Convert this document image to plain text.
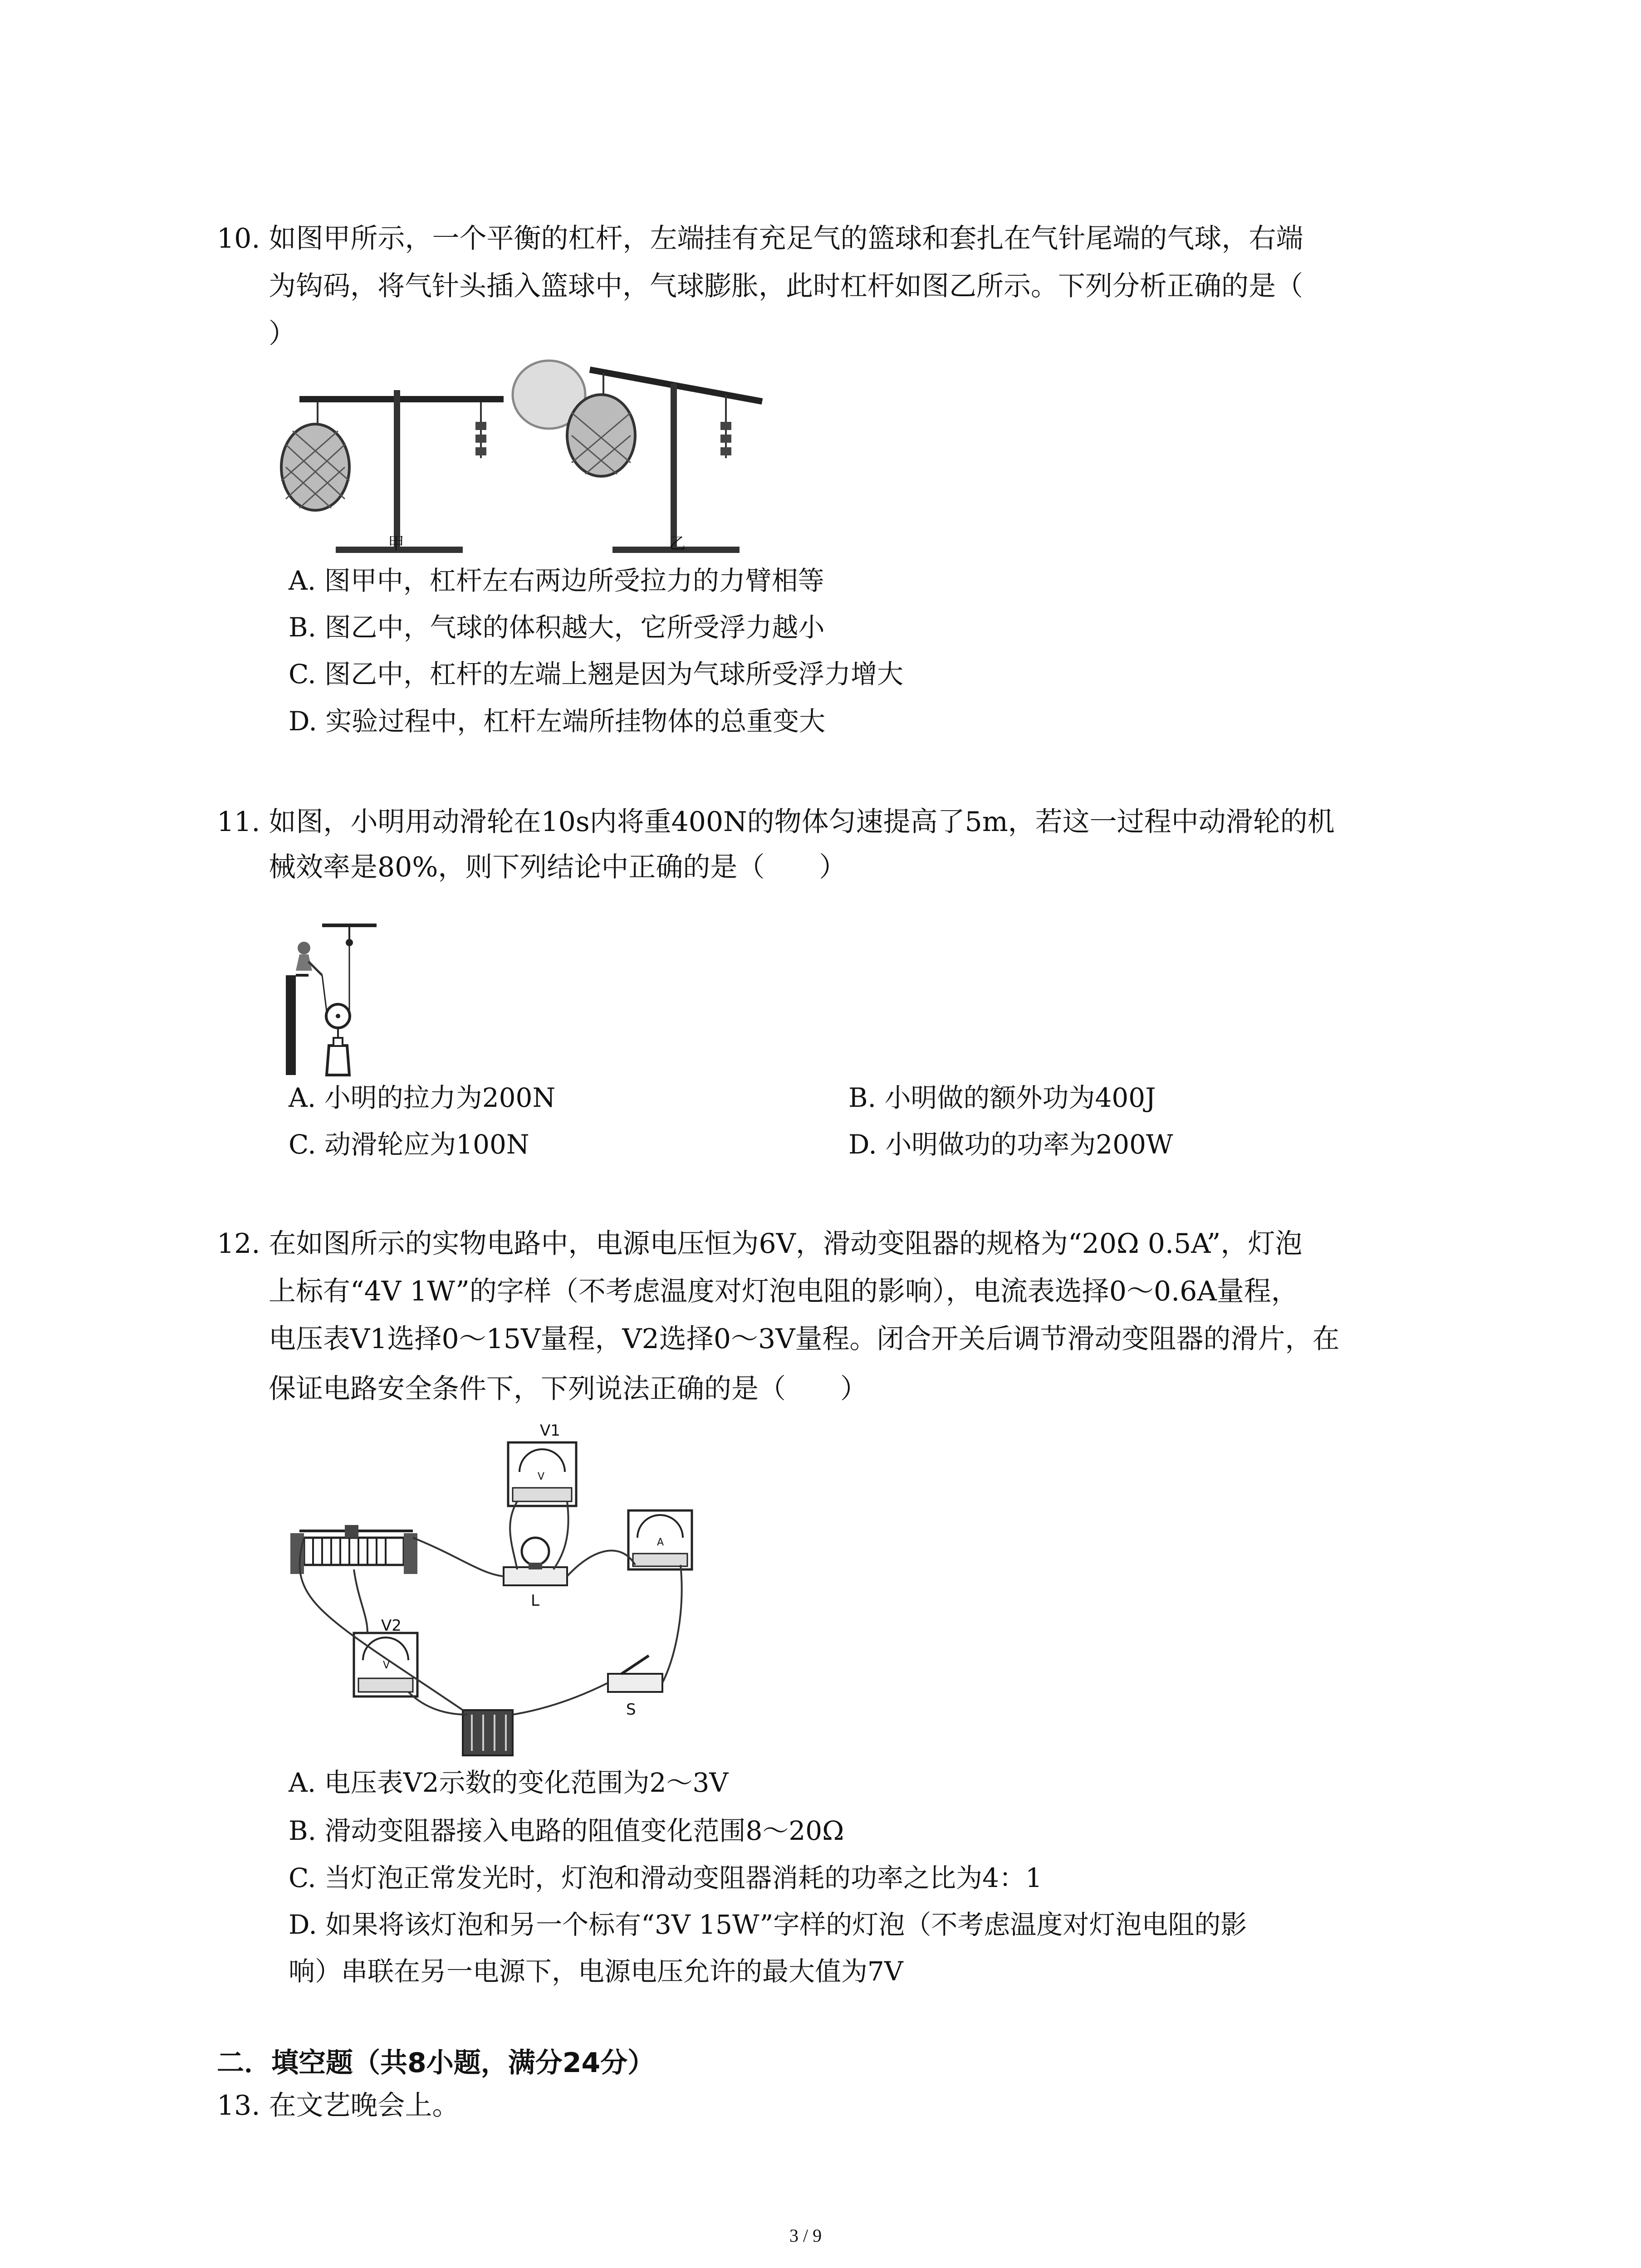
10. 如图甲所示，一个平衡的杠杆，左端挂有充足气的篮球和套扎在气针尾端的气球，右端
为钩码，将气针头插入篮球中，气球膨胀，此时杠杆如图乙所示。下列分析正确的是（
）
甲	乙
A. 图甲中，杠杆左右两边所受拉力的力臂相等
B. 图乙中，气球的体积越大，它所受浮力越小
C. 图乙中，杠杆的左端上翘是因为气球所受浮力增大
D. 实验过程中，杠杆左端所挂物体的总重变大
11. 如图，小明用动滑轮在10s内将重400N的物体匀速提高了5m，若这一过程中动滑轮的机
械效率是80%，则下列结论中正确的是（　　）
A. 小明的拉力为200N	B. 小明做的额外功为400J
C. 动滑轮应为100N	D. 小明做功的功率为200W
12. 在如图所示的实物电路中，电源电压恒为6V，滑动变阻器的规格为“20Ω 0.5A”，灯泡
上标有“4V 1W”的字样（不考虑温度对灯泡电阻的影响），电流表选择0～0.6A量程，
电压表V1选择0～15V量程，V2选择0～3V量程。闭合开关后调节滑动变阻器的滑片，在
保证电路安全条件下，下列说法正确的是（　　）
V1
V
A
V2
V
L
S
A. 电压表V2示数的变化范围为2～3V
B. 滑动变阻器接入电路的阻值变化范围8～20Ω
C. 当灯泡正常发光时，灯泡和滑动变阻器消耗的功率之比为4：1
D. 如果将该灯泡和另一个标有“3V 15W”字样的灯泡（不考虑温度对灯泡电阻的影
响）串联在另一电源下，电源电压允许的最大值为7V
二．填空题（共8小题，满分24分）
13. 在文艺晚会上。
3 / 9
